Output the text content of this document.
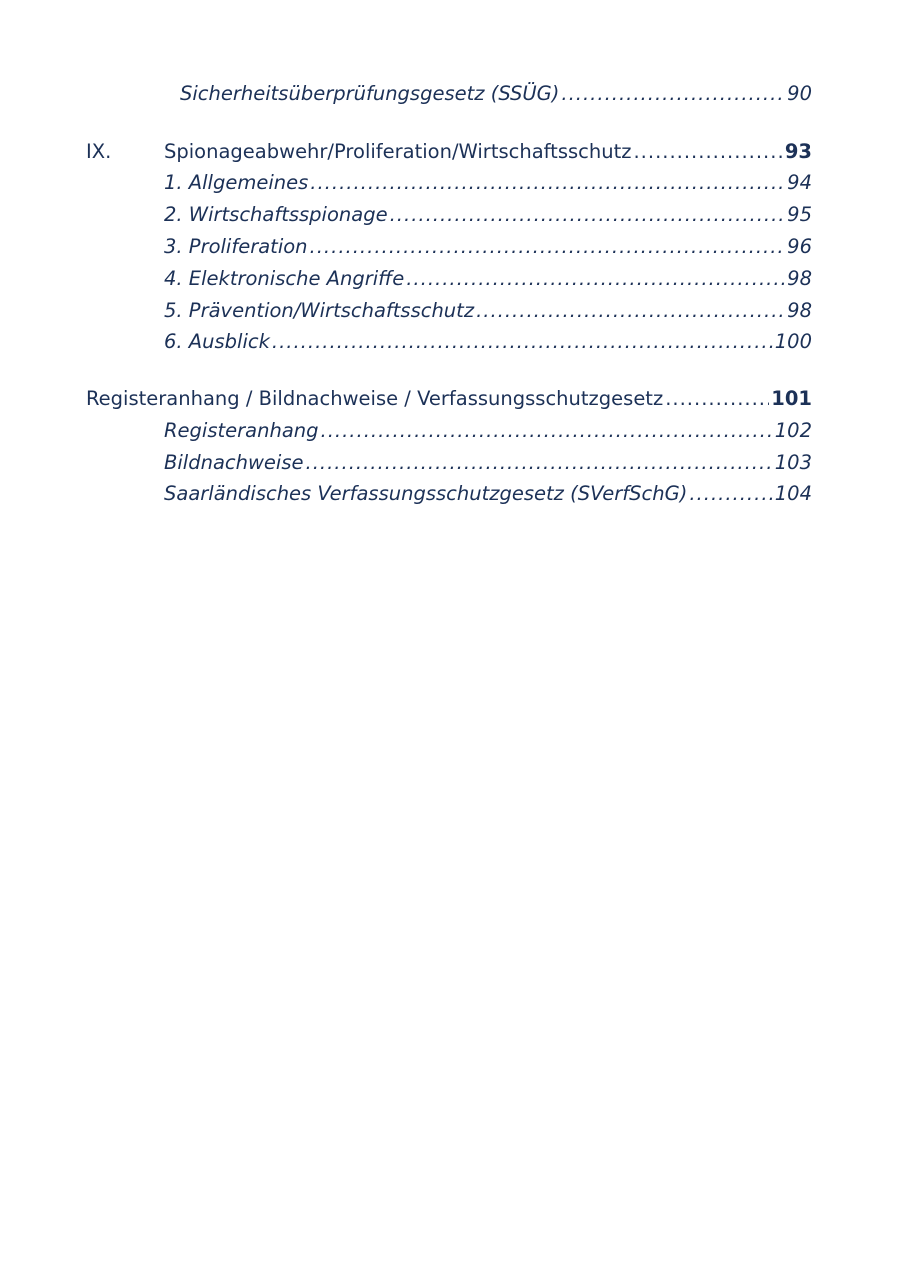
Sicherheitsüberprüfungsgesetz (SSÜG) .....	90
IX.	Spionageabwehr/Proliferation/Wirtschaftsschutz .....	93
1. Allgemeines .....	94
2. Wirtschaftsspionage .....	95
3. Proliferation .....	96
4. Elektronische Angriffe .....	98
5. Prävention/Wirtschaftsschutz .....	98
6. Ausblick .....	100
Registeranhang / Bildnachweise / Verfassungsschutzgesetz .....	101
Registeranhang .....	102
Bildnachweise .....	103
Saarländisches Verfassungsschutzgesetz (SVerfSchG) .....	104
